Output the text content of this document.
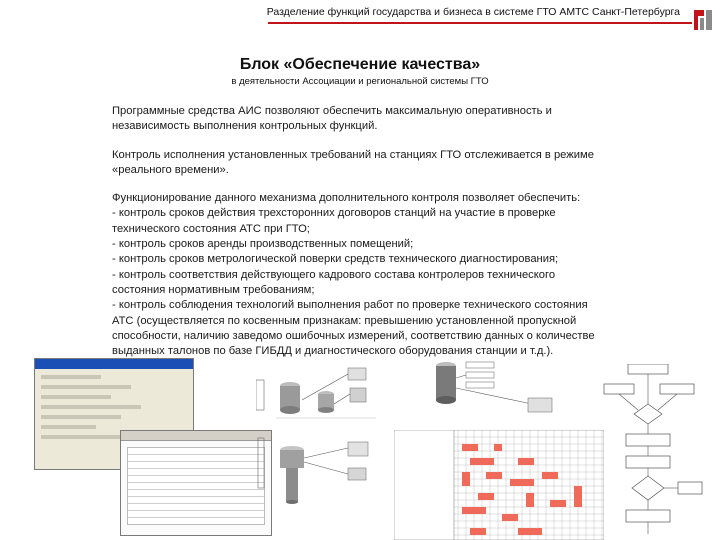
Разделение функций государства и бизнеса в системе ГТО АМТС Санкт-Петербурга
Блок «Обеспечение качества»
в деятельности Ассоциации и региональной системы ГТО

Программные средства АИС позволяют обеспечить максимальную оперативность и
независимость выполнения контрольных функций.

Контроль исполнения установленных требований на станциях ГТО отслеживается в режиме
«реального времени».

Функционирование данного механизма дополнительного контроля позволяет обеспечить:
- контроль сроков действия трехсторонних договоров станций на участие в проверке
технического состояния АТС при ГТО;
- контроль сроков аренды производственных помещений;
- контроль сроков метрологической поверки средств технического диагностирования;
- контроль соответствия действующего кадрового состава контролеров технического
состояния нормативным требованиям;
- контроль соблюдения технологий выполнения работ по проверке технического состояния
АТС (осуществляется по косвенным признакам: превышению установленной пропускной
способности, наличию заведомо ошибочных измерений, соответствию данных о количестве
выданных талонов по базе ГИБДД и диагностического оборудования станции и т.д.).
